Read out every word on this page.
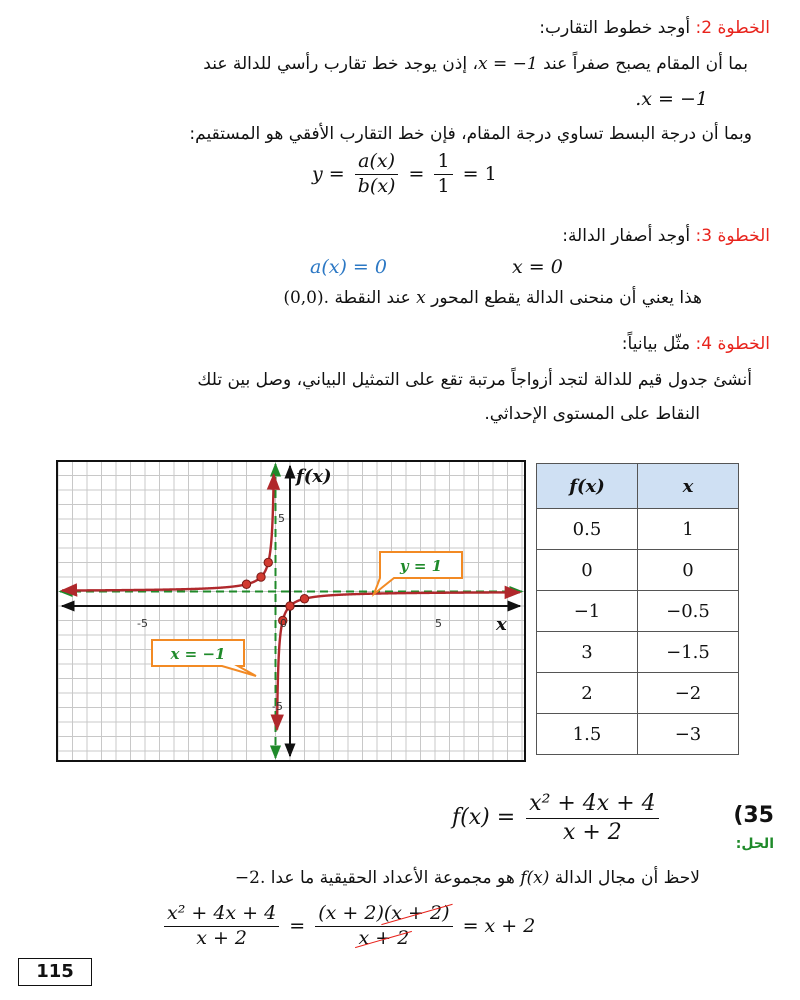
الخطوة 2: أوجد خطوط التقارب:
بما أن المقام يصبح صفراً عند x = −1، إذن يوجد خط تقارب رأسي للدالة عند
.x = −1
وبما أن درجة البسط تساوي درجة المقام، فإن خط التقارب الأفقي هو المستقيم:
$y = \frac{a(x)}{b(x)} = \frac{1}{1} = 1$
الخطوة 3: أوجد أصفار الدالة:
a(x) = 0	x = 0
هذا يعني أن منحنى الدالة يقطع المحور x عند النقطة (0,0).
الخطوة 4: مثّل بيانياً:
أنشئ جدول قيم للدالة لتجد أزواجاً مرتبة تقع على التمثيل البياني، وصل بين تلك
النقاط على المستوى الإحداثي.
-5	5
5
-5
0
f(x)
x
y = 1
x = −1
f(x)	x
0.5	1
0	0
−1	−0.5
3	−1.5
2	−2
1.5	−3
$f(x) = \frac{\text{x² + 4x + 4}}{x + 2}$	35)
الحل:
لاحظ أن مجال الدالة f(x) هو مجموعة الأعداد الحقيقية ما عدا .2−
$\frac{\text{x² + 4x + 4}}{x + 2} = \frac{(x + 2)(x + 2)}{x + 2} = x + 2$
115
